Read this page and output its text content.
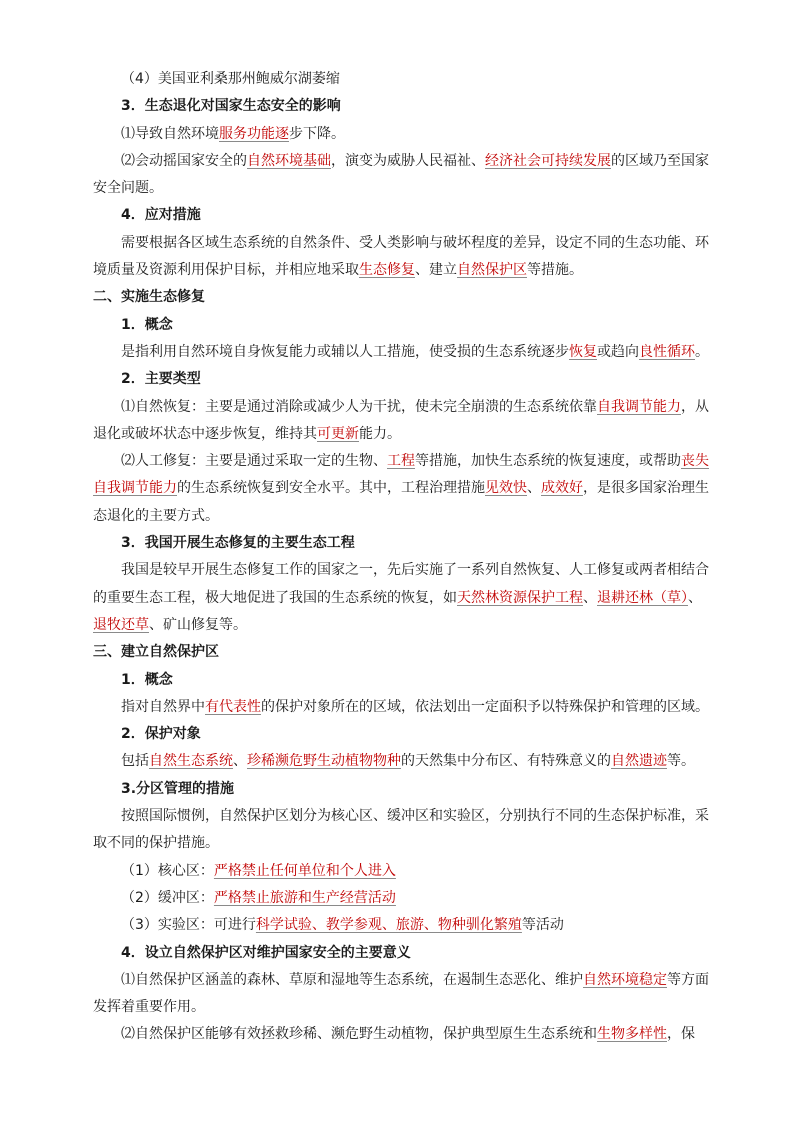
（4）美国亚利桑那州鲍威尔湖萎缩
3．生态退化对国家生态安全的影响
⑴导致自然环境服务功能逐步下降。
⑵会动摇国家安全的自然环境基础，演变为威胁人民福祉、经济社会可持续发展的区域乃至国家安全问题。
4．应对措施
需要根据各区域生态系统的自然条件、受人类影响与破坏程度的差异，设定不同的生态功能、环境质量及资源利用保护目标，并相应地采取生态修复、建立自然保护区等措施。
二、实施生态修复
1．概念
是指利用自然环境自身恢复能力或辅以人工措施，使受损的生态系统逐步恢复或趋向良性循环。
2．主要类型
⑴自然恢复：主要是通过消除或减少人为干扰，使未完全崩溃的生态系统依靠自我调节能力，从退化或破坏状态中逐步恢复，维持其可更新能力。
⑵人工修复：主要是通过采取一定的生物、工程等措施，加快生态系统的恢复速度，或帮助丧失自我调节能力的生态系统恢复到安全水平。其中，工程治理措施见效快、成效好，是很多国家治理生态退化的主要方式。
3．我国开展生态修复的主要生态工程
我国是较早开展生态修复工作的国家之一，先后实施了一系列自然恢复、人工修复或两者相结合的重要生态工程，极大地促进了我国的生态系统的恢复，如天然林资源保护工程、退耕还林（草）、退牧还草、矿山修复等。
三、建立自然保护区
1．概念
指对自然界中有代表性的保护对象所在的区域，依法划出一定面积予以特殊保护和管理的区域。
2．保护对象
包括自然生态系统、珍稀濒危野生动植物物种的天然集中分布区、有特殊意义的自然遗迹等。
3.分区管理的措施
按照国际惯例，自然保护区划分为核心区、缓冲区和实验区，分别执行不同的生态保护标准，采取不同的保护措施。
（1）核心区：严格禁止任何单位和个人进入
（2）缓冲区：严格禁止旅游和生产经营活动
（3）实验区：可进行科学试验、教学参观、旅游、物种驯化繁殖等活动
4．设立自然保护区对维护国家安全的主要意义
⑴自然保护区涵盖的森林、草原和湿地等生态系统，在遏制生态恶化、维护自然环境稳定等方面发挥着重要作用。
⑵自然保护区能够有效拯救珍稀、濒危野生动植物，保护典型原生生态系统和生物多样性，保
